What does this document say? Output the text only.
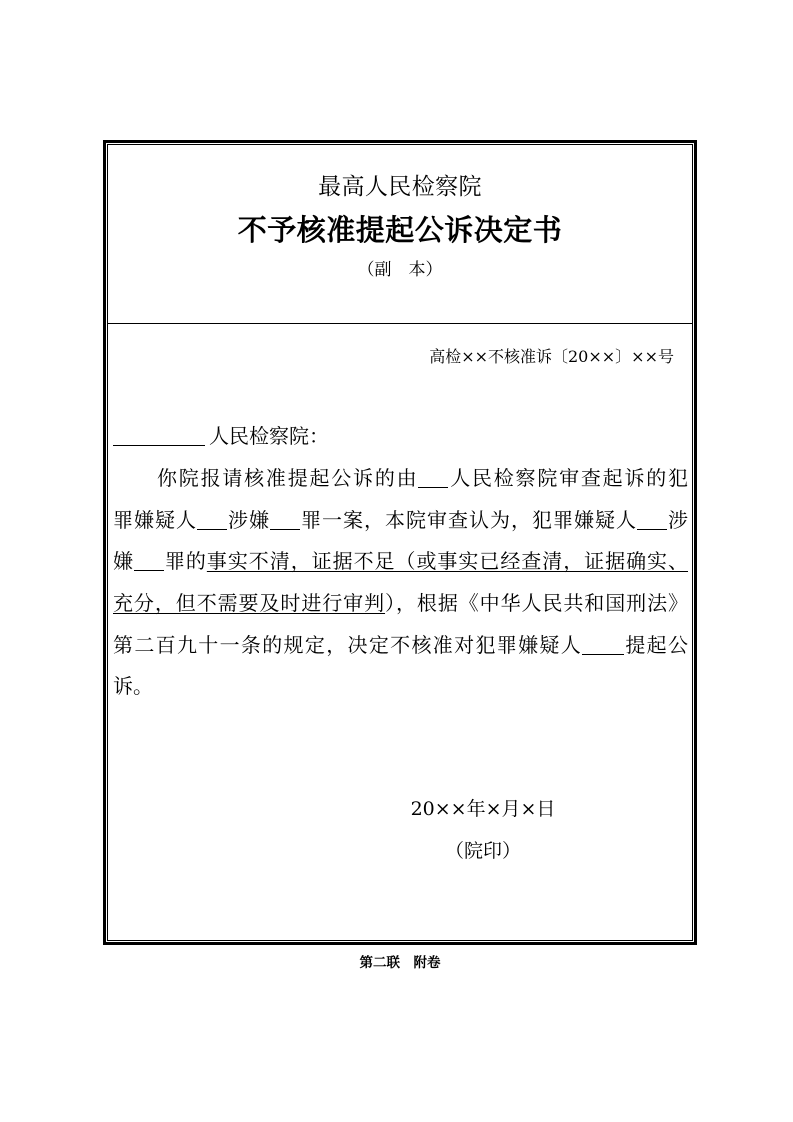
最高人民检察院
不予核准提起公诉决定书
（副　本）
高检××不核准诉〔20××〕××号
人民检察院：
你院报请核准提起公诉的由 人民检察院审查起诉的犯
罪嫌疑人 涉嫌 罪一案，本院审查认为，犯罪嫌疑人 涉
嫌 罪的事实不清，证据不足（或事实已经查清，证据确实、
充分，但不需要及时进行审判），根据《中华人民共和国刑法》
第二百九十一条的规定，决定不核准对犯罪嫌疑人 提起公
诉。
20××年×月×日
（院印）
第二联　附卷
